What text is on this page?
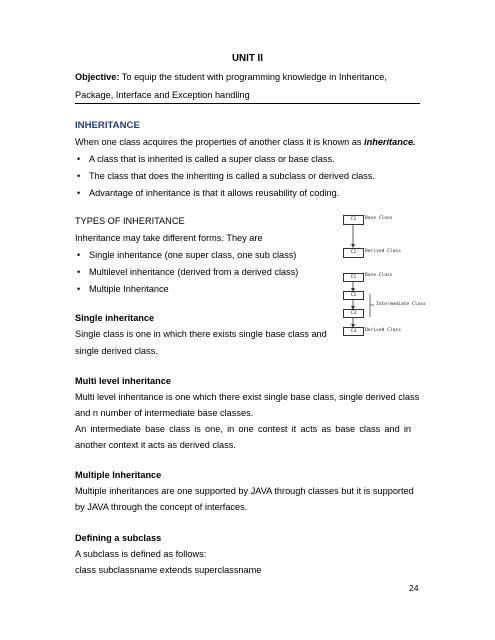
UNIT II
Objective: To equip the student with programming knowledge in Inheritance,
Package, Interface and Exception handling
INHERITANCE
When one class acquires the properties of another class it is known as inheritance.
• A class that is inherited is called a super class or base class.
• The class that does the inheriting is called a subclass or derived class.
• Advantage of inheritance is that it allows reusability of coding.
TYPES OF INHERITANCE
Inheritance may take different forms. They are
• Single inheritance (one super class, one sub class)
• Multilevel inheritance (derived from a derived class)
• Multiple Inheritance
C1	Base Class
C2	Derived Class
C1	Base Class
C2
Intermediate Class
C3
C4	Derived Class
Single inheritance
Single class is one in which there exists single base class and
single derived class.
Multi level inheritance
Multi level inheritance is one which there exist single base class, single derived class
and n number of intermediate base classes.
An intermediate base class is one, in one contest it acts as base class and in
another context it acts as derived class.
Multiple Inheritance
Multiple inheritances are one supported by JAVA through classes but it is supported
by JAVA through the concept of interfaces.
Defining a subclass
A subclass is defined as follows:
class subclassname extends superclassname
24
